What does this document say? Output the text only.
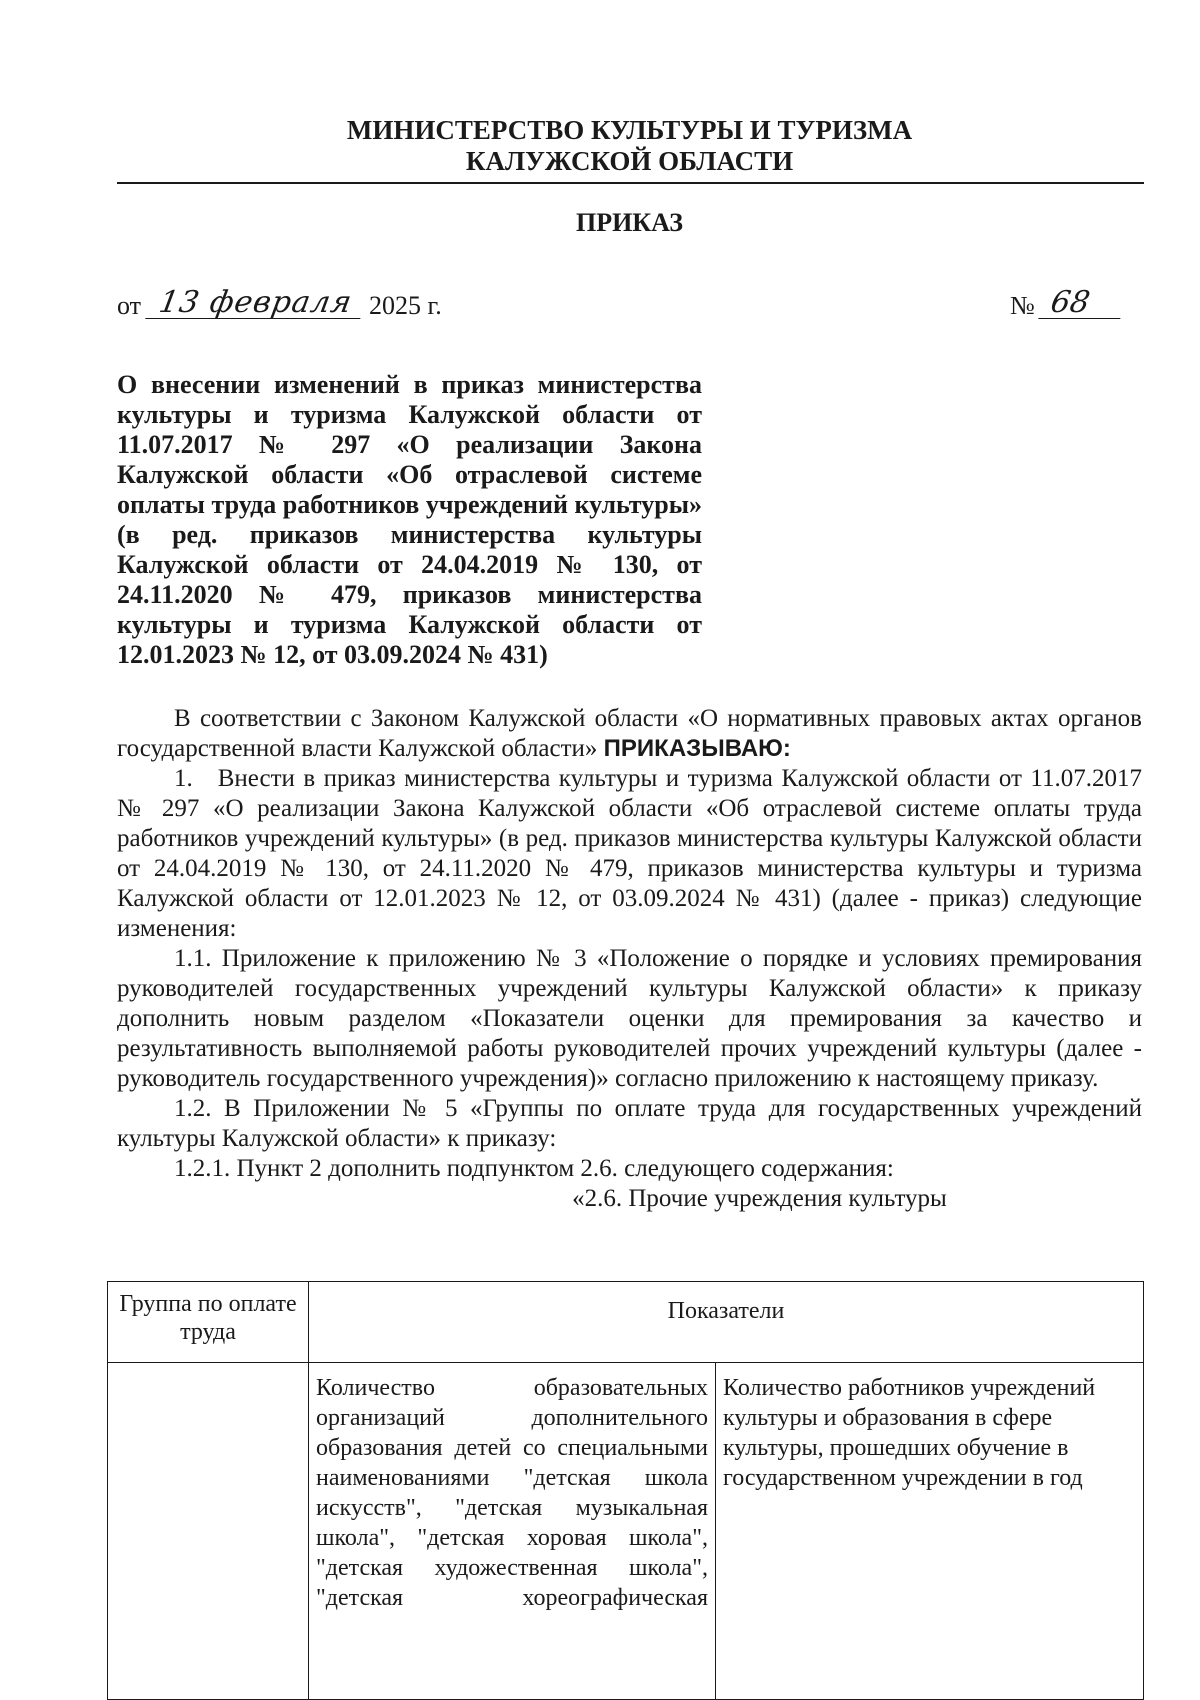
МИНИСТЕРСТВО КУЛЬТУРЫ И ТУРИЗМА
КАЛУЖСКОЙ ОБЛАСТИ
ПРИКАЗ
от 13 февраля 2025 г.	№ 68
О внесении изменений в приказ министерства культуры и туризма Калужской области от 11.07.2017 № 297 «О реализации Закона Калужской области «Об отраслевой системе оплаты труда работников учреждений культуры» (в ред. приказов министерства культуры Калужской области от 24.04.2019 № 130, от 24.11.2020 № 479, приказов министерства культуры и туризма Калужской области от 12.01.2023 № 12, от 03.09.2024 № 431)

В соответствии с Законом Калужской области «О нормативных правовых актах органов государственной власти Калужской области» ПРИКАЗЫВАЮ:

1. Внести в приказ министерства культуры и туризма Калужской области от 11.07.2017 № 297 «О реализации Закона Калужской области «Об отраслевой системе оплаты труда работников учреждений культуры» (в ред. приказов министерства культуры Калужской области от 24.04.2019 № 130, от 24.11.2020 № 479, приказов министерства культуры и туризма Калужской области от 12.01.2023 № 12, от 03.09.2024 № 431) (далее - приказ) следующие изменения:

1.1. Приложение к приложению № 3 «Положение о порядке и условиях премирования руководителей государственных учреждений культуры Калужской области» к приказу дополнить новым разделом «Показатели оценки для премирования за качество и результативность выполняемой работы руководителей прочих учреждений культуры (далее - руководитель государственного учреждения)» согласно приложению к настоящему приказу.

1.2. В Приложении № 5 «Группы по оплате труда для государственных учреждений культуры Калужской области» к приказу:

1.2.1. Пункт 2 дополнить подпунктом 2.6. следующего содержания:

«2.6. Прочие учреждения культуры

Группа по оплате труда	Показатели	

	Количество образовательных организаций дополнительного образования детей со специальными наименованиями "детская школа искусств", "детская музыкальная школа", "детская хоровая школа", "детская художественная школа", "детская хореографическая	Количество работников учреждений культуры и образования в сфере культуры, прошедших обучение в государственном учреждении в год
